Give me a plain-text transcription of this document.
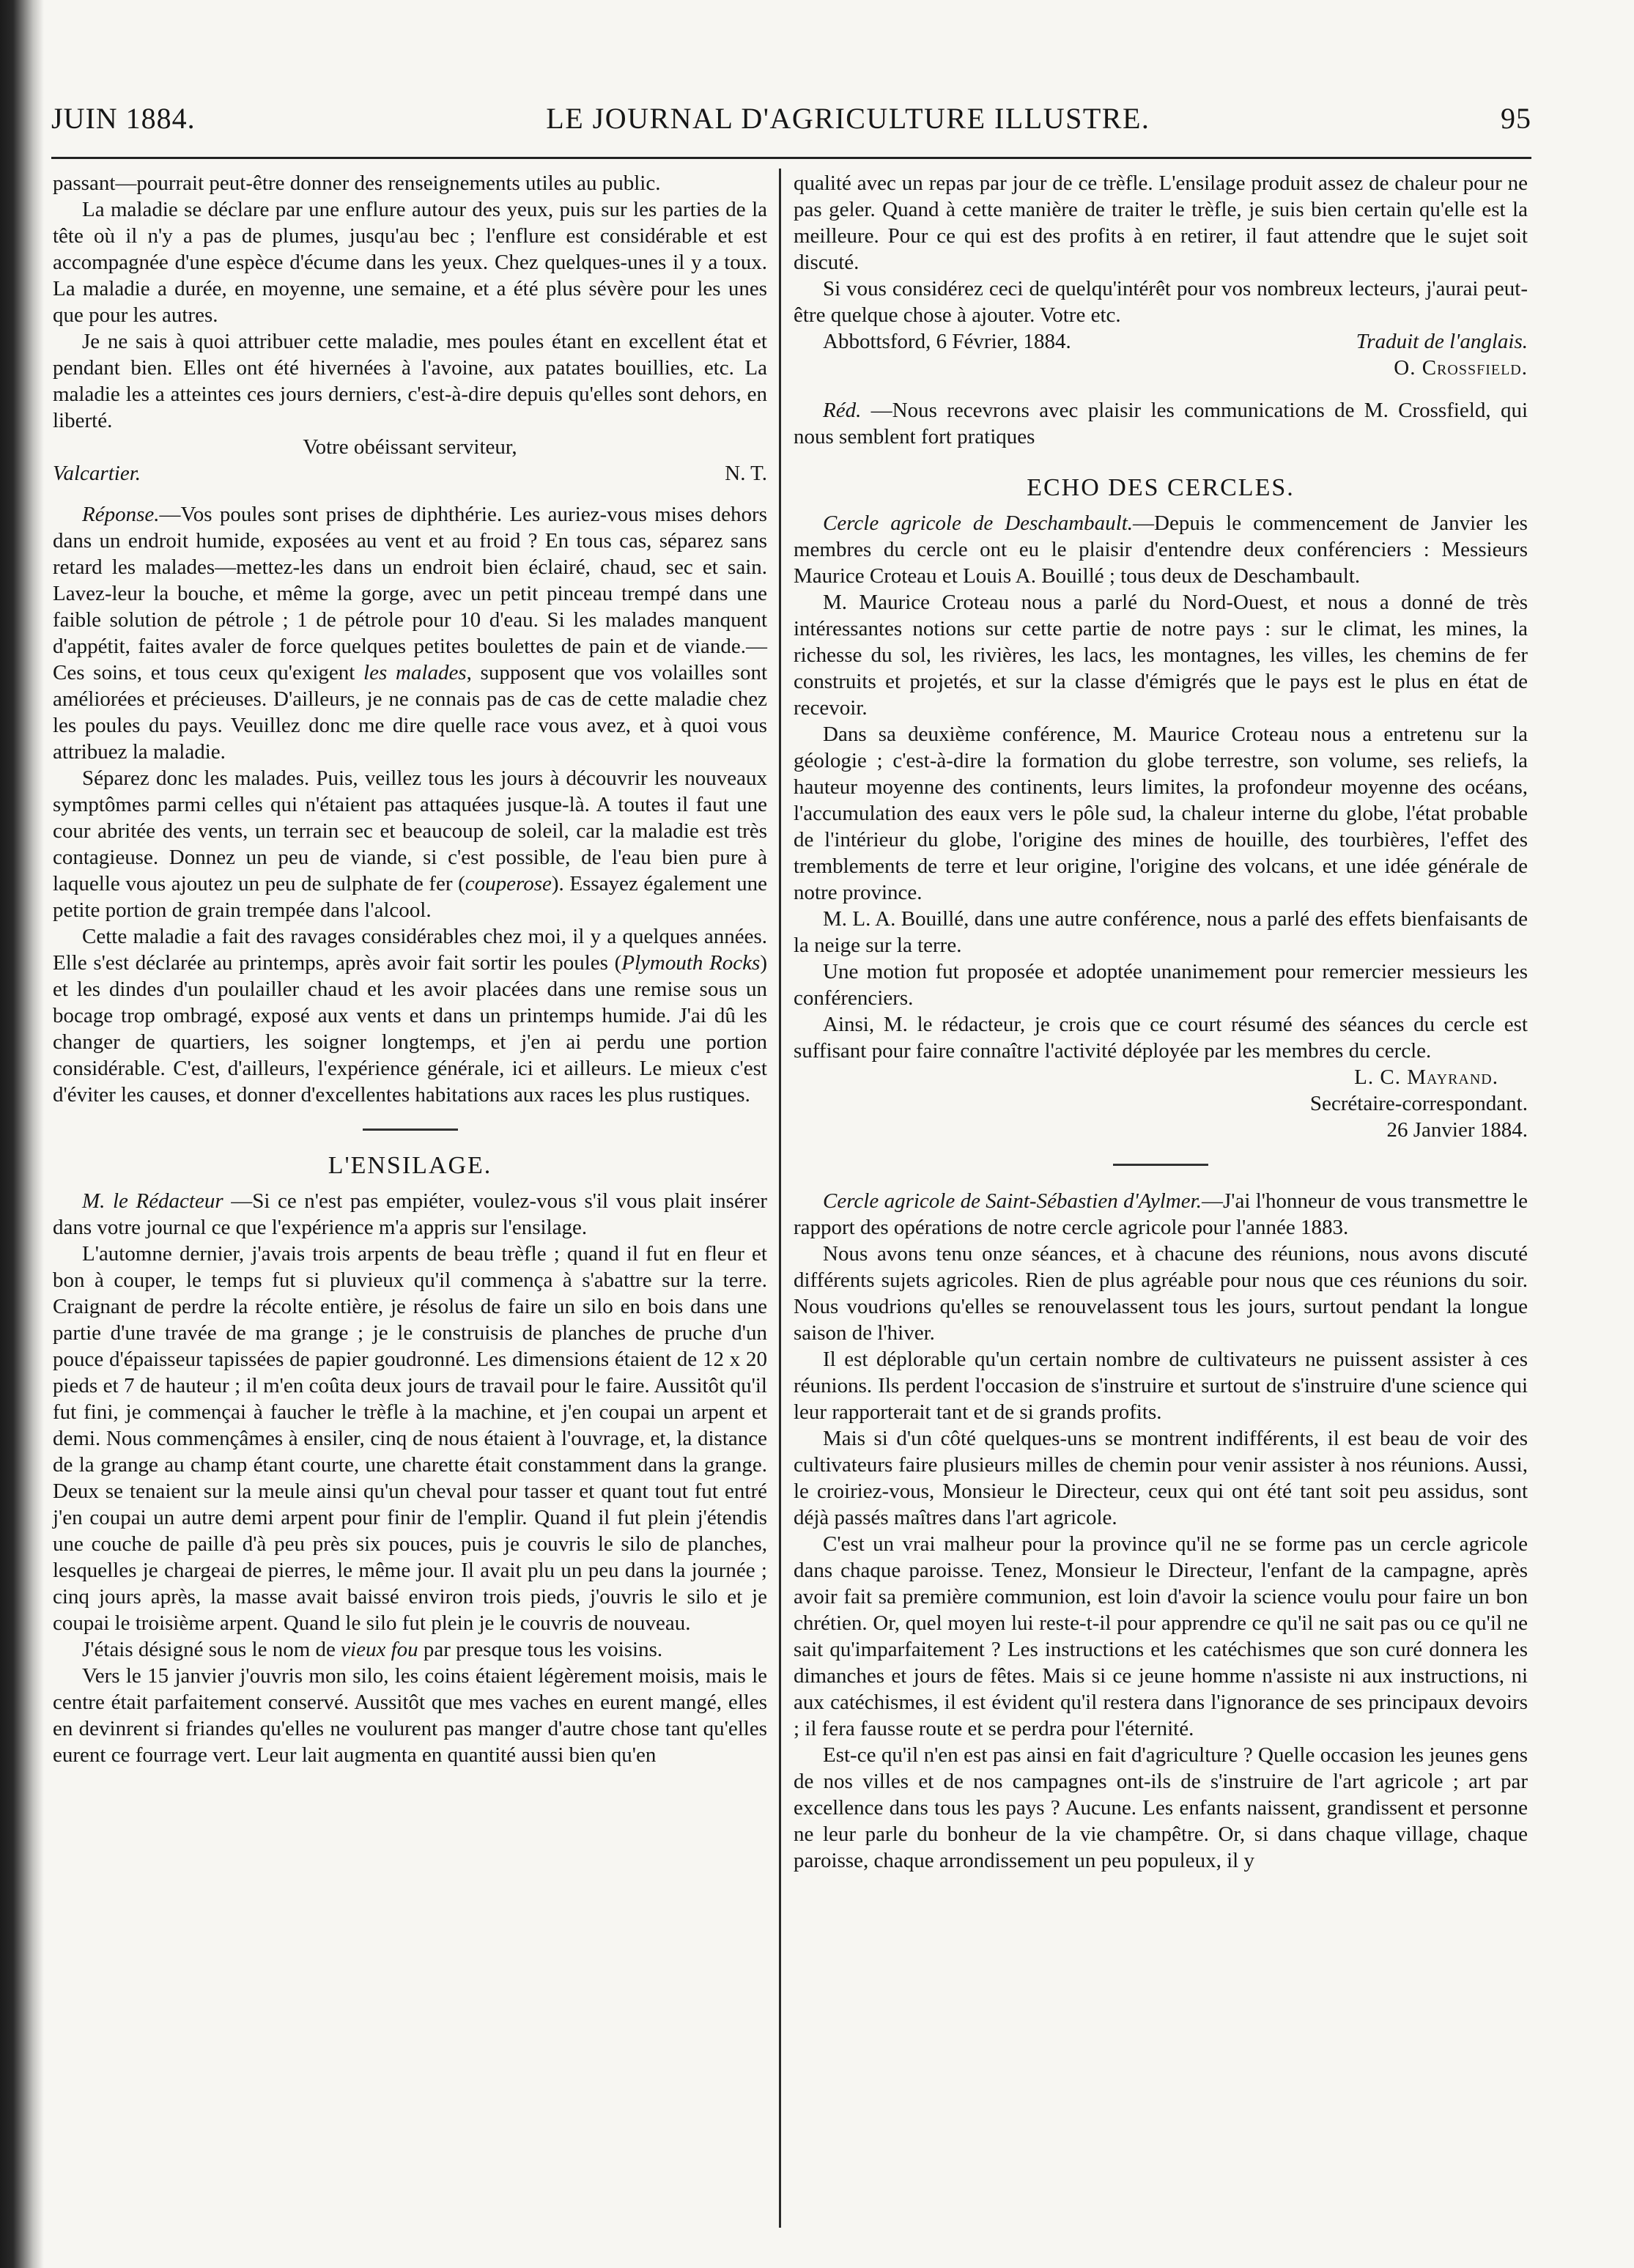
JUIN 1884.	LE JOURNAL D'AGRICULTURE ILLUSTRE.	95

passant—pourrait peut-être donner des renseignements utiles au public.

La maladie se déclare par une enflure autour des yeux, puis sur les parties de la tête où il n'y a pas de plumes, jusqu'au bec ; l'enflure est considérable et est accompagnée d'une espèce d'écume dans les yeux. Chez quelques-unes il y a toux. La maladie a durée, en moyenne, une semaine, et a été plus sévère pour les unes que pour les autres.

Je ne sais à quoi attribuer cette maladie, mes poules étant en excellent état et pendant bien. Elles ont été hivernées à l'avoine, aux patates bouillies, etc. La maladie les a atteintes ces jours derniers, c'est-à-dire depuis qu'elles sont dehors, en liberté.

Votre obéissant serviteur,

Valcartier.	N. T.

Réponse.—Vos poules sont prises de diphthérie. Les auriez-vous mises dehors dans un endroit humide, exposées au vent et au froid ? En tous cas, séparez sans retard les malades—mettez-les dans un endroit bien éclairé, chaud, sec et sain. Lavez-leur la bouche, et même la gorge, avec un petit pinceau trempé dans une faible solution de pétrole ; 1 de pétrole pour 10 d'eau. Si les malades manquent d'appétit, faites avaler de force quelques petites boulettes de pain et de viande.—Ces soins, et tous ceux qu'exigent les malades, supposent que vos volailles sont améliorées et précieuses. D'ailleurs, je ne connais pas de cas de cette maladie chez les poules du pays. Veuillez donc me dire quelle race vous avez, et à quoi vous attribuez la maladie.

Séparez donc les malades. Puis, veillez tous les jours à découvrir les nouveaux symptômes parmi celles qui n'étaient pas attaquées jusque-là. A toutes il faut une cour abritée des vents, un terrain sec et beaucoup de soleil, car la maladie est très contagieuse. Donnez un peu de viande, si c'est possible, de l'eau bien pure à laquelle vous ajoutez un peu de sulphate de fer (couperose). Essayez également une petite portion de grain trempée dans l'alcool.

Cette maladie a fait des ravages considérables chez moi, il y a quelques années. Elle s'est déclarée au printemps, après avoir fait sortir les poules (Plymouth Rocks) et les dindes d'un poulailler chaud et les avoir placées dans une remise sous un bocage trop ombragé, exposé aux vents et dans un printemps humide. J'ai dû les changer de quartiers, les soigner longtemps, et j'en ai perdu une portion considérable. C'est, d'ailleurs, l'expérience générale, ici et ailleurs. Le mieux c'est d'éviter les causes, et donner d'excellentes habitations aux races les plus rustiques.

L'ENSILAGE.

M. le Rédacteur —Si ce n'est pas empiéter, voulez-vous s'il vous plait insérer dans votre journal ce que l'expérience m'a appris sur l'ensilage.

L'automne dernier, j'avais trois arpents de beau trèfle ; quand il fut en fleur et bon à couper, le temps fut si pluvieux qu'il commença à s'abattre sur la terre. Craignant de perdre la récolte entière, je résolus de faire un silo en bois dans une partie d'une travée de ma grange ; je le construisis de planches de pruche d'un pouce d'épaisseur tapissées de papier goudronné. Les dimensions étaient de 12 x 20 pieds et 7 de hauteur ; il m'en coûta deux jours de travail pour le faire. Aussitôt qu'il fut fini, je commençai à faucher le trèfle à la machine, et j'en coupai un arpent et demi. Nous commençâmes à ensiler, cinq de nous étaient à l'ouvrage, et, la distance de la grange au champ étant courte, une charette était constamment dans la grange. Deux se tenaient sur la meule ainsi qu'un cheval pour tasser et quant tout fut entré j'en coupai un autre demi arpent pour finir de l'emplir. Quand il fut plein j'étendis une couche de paille d'à peu près six pouces, puis je couvris le silo de planches, lesquelles je chargeai de pierres, le même jour. Il avait plu un peu dans la journée ; cinq jours après, la masse avait baissé environ trois pieds, j'ouvris le silo et je coupai le troisième arpent. Quand le silo fut plein je le couvris de nouveau.

J'étais désigné sous le nom de vieux fou par presque tous les voisins.

Vers le 15 janvier j'ouvris mon silo, les coins étaient légèrement moisis, mais le centre était parfaitement conservé. Aussitôt que mes vaches en eurent mangé, elles en devinrent si friandes qu'elles ne voulurent pas manger d'autre chose tant qu'elles eurent ce fourrage vert. Leur lait augmenta en quantité aussi bien qu'en

qualité avec un repas par jour de ce trèfle. L'ensilage produit assez de chaleur pour ne pas geler. Quand à cette manière de traiter le trèfle, je suis bien certain qu'elle est la meilleure. Pour ce qui est des profits à en retirer, il faut attendre que le sujet soit discuté.

Si vous considérez ceci de quelqu'intérêt pour vos nombreux lecteurs, j'aurai peut-être quelque chose à ajouter. Votre etc.

Abbottsford, 6 Février, 1884.	Traduit de l'anglais.

O. Crossfield.

Réd. —Nous recevrons avec plaisir les communications de M. Crossfield, qui nous semblent fort pratiques

ECHO DES CERCLES.

Cercle agricole de Deschambault.—Depuis le commencement de Janvier les membres du cercle ont eu le plaisir d'entendre deux conférenciers : Messieurs Maurice Croteau et Louis A. Bouillé ; tous deux de Deschambault.

M. Maurice Croteau nous a parlé du Nord-Ouest, et nous a donné de très intéressantes notions sur cette partie de notre pays : sur le climat, les mines, la richesse du sol, les rivières, les lacs, les montagnes, les villes, les chemins de fer construits et projetés, et sur la classe d'émigrés que le pays est le plus en état de recevoir.

Dans sa deuxième conférence, M. Maurice Croteau nous a entretenu sur la géologie ; c'est-à-dire la formation du globe terrestre, son volume, ses reliefs, la hauteur moyenne des continents, leurs limites, la profondeur moyenne des océans, l'accumulation des eaux vers le pôle sud, la chaleur interne du globe, l'état probable de l'intérieur du globe, l'origine des mines de houille, des tourbières, l'effet des tremblements de terre et leur origine, l'origine des volcans, et une idée générale de notre province.

M. L. A. Bouillé, dans une autre conférence, nous a parlé des effets bienfaisants de la neige sur la terre.

Une motion fut proposée et adoptée unanimement pour remercier messieurs les conférenciers.

Ainsi, M. le rédacteur, je crois que ce court résumé des séances du cercle est suffisant pour faire connaître l'activité déployée par les membres du cercle.

L. C. Mayrand.

Secrétaire-correspondant.

26 Janvier 1884.

Cercle agricole de Saint-Sébastien d'Aylmer.—J'ai l'honneur de vous transmettre le rapport des opérations de notre cercle agricole pour l'année 1883.

Nous avons tenu onze séances, et à chacune des réunions, nous avons discuté différents sujets agricoles. Rien de plus agréable pour nous que ces réunions du soir. Nous voudrions qu'elles se renouvelassent tous les jours, surtout pendant la longue saison de l'hiver.

Il est déplorable qu'un certain nombre de cultivateurs ne puissent assister à ces réunions. Ils perdent l'occasion de s'instruire et surtout de s'instruire d'une science qui leur rapporterait tant et de si grands profits.

Mais si d'un côté quelques-uns se montrent indifférents, il est beau de voir des cultivateurs faire plusieurs milles de chemin pour venir assister à nos réunions. Aussi, le croiriez-vous, Monsieur le Directeur, ceux qui ont été tant soit peu assidus, sont déjà passés maîtres dans l'art agricole.

C'est un vrai malheur pour la province qu'il ne se forme pas un cercle agricole dans chaque paroisse. Tenez, Monsieur le Directeur, l'enfant de la campagne, après avoir fait sa première communion, est loin d'avoir la science voulu pour faire un bon chrétien. Or, quel moyen lui reste-t-il pour apprendre ce qu'il ne sait pas ou ce qu'il ne sait qu'imparfaitement ? Les instructions et les catéchismes que son curé donnera les dimanches et jours de fêtes. Mais si ce jeune homme n'assiste ni aux instructions, ni aux catéchismes, il est évident qu'il restera dans l'ignorance de ses principaux devoirs ; il fera fausse route et se perdra pour l'éternité.

Est-ce qu'il n'en est pas ainsi en fait d'agriculture ? Quelle occasion les jeunes gens de nos villes et de nos campagnes ont-ils de s'instruire de l'art agricole ; art par excellence dans tous les pays ? Aucune. Les enfants naissent, grandissent et personne ne leur parle du bonheur de la vie champêtre. Or, si dans chaque village, chaque paroisse, chaque arrondissement un peu populeux, il y
